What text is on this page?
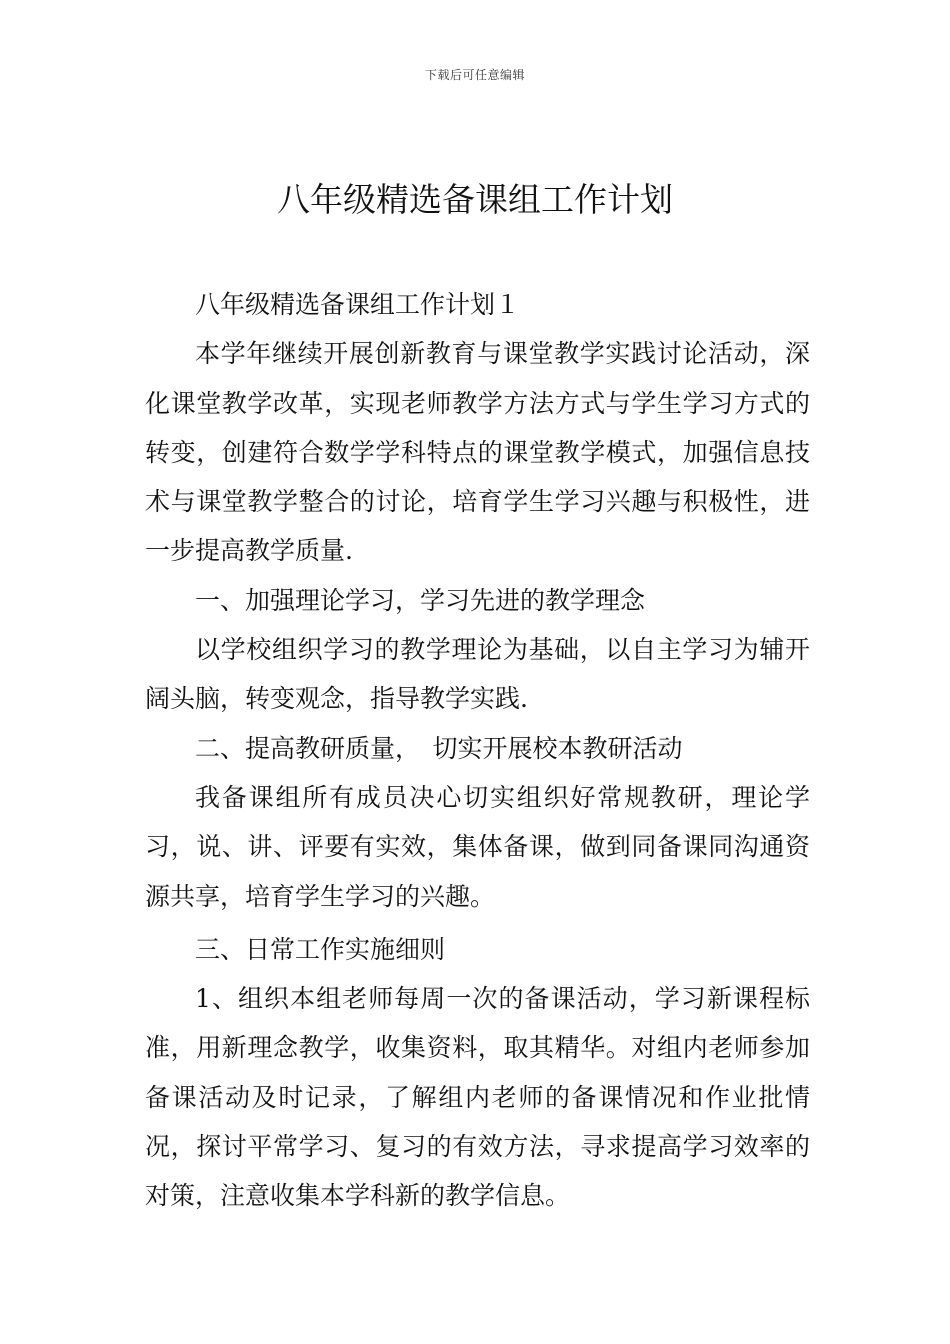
下载后可任意编辑
八年级精选备课组工作计划

八年级精选备课组工作计划１

本学年继续开展创新教育与课堂教学实践讨论活动，深化课堂教学改革，实现老师教学方法方式与学生学习方式的转变，创建符合数学学科特点的课堂教学模式，加强信息技术与课堂教学整合的讨论，培育学生学习兴趣与积极性，进一步提高教学质量.

一、加强理论学习，学习先进的教学理念

以学校组织学习的教学理论为基础，以自主学习为辅开阔头脑，转变观念，指导教学实践.

二、提高教研质量，　切实开展校本教研活动

我备课组所有成员决心切实组织好常规教研，理论学习，说、讲、评要有实效，集体备课，做到同备课同沟通资源共享，培育学生学习的兴趣。

三、日常工作实施细则

1、组织本组老师每周一次的备课活动，学习新课程标准，用新理念教学，收集资料，取其精华。对组内老师参加备课活动及时记录，了解组内老师的备课情况和作业批情况，探讨平常学习、复习的有效方法，寻求提高学习效率的对策，注意收集本学科新的教学信息。
